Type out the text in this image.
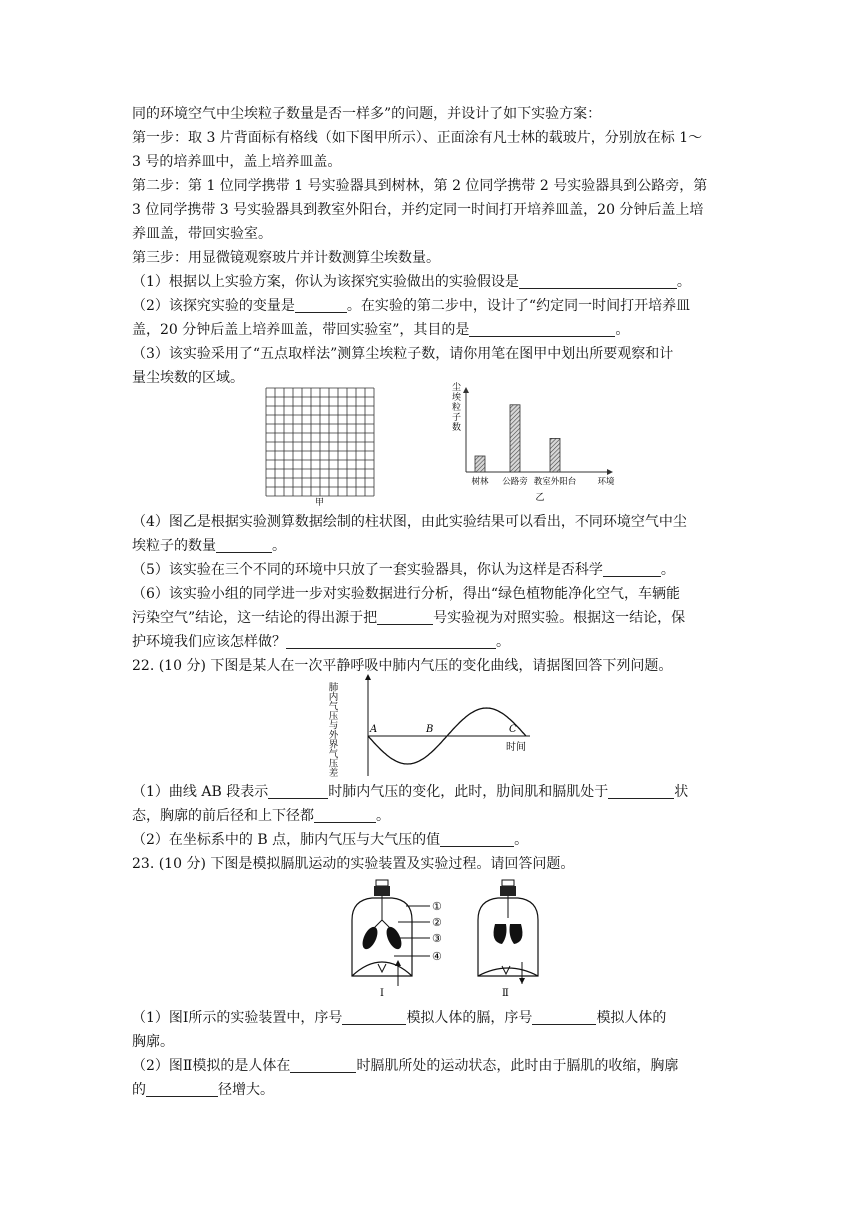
同的环境空气中尘埃粒子数量是否一样多”的问题，并设计了如下实验方案：
第一步：取 3 片背面标有格线（如下图甲所示）、正面涂有凡士林的载玻片，分别放在标 1～
3 号的培养皿中，盖上培养皿盖。
第二步：第 1 位同学携带 1 号实验器具到树林，第 2 位同学携带 2 号实验器具到公路旁，第
3 位同学携带 3 号实验器具到教室外阳台，并约定同一时间打开培养皿盖，20 分钟后盖上培
养皿盖，带回实验室。
第三步：用显微镜观察玻片并计数测算尘埃数量。
（1）根据以上实验方案，你认为该探究实验做出的实验假设是	。
（2）该探究实验的变量是	。在实验的第二步中，设计了“约定同一时间打开培养皿
盖，20 分钟后盖上培养皿盖，带回实验室”，其目的是	。
（3）该实验采用了“五点取样法”测算尘埃粒子数，请你用笔在图甲中划出所要观察和计
量尘埃数的区域。
甲
树林 公路旁 教室外阳台 环境
乙
尘埃粒子数
（4）图乙是根据实验测算数据绘制的柱状图，由此实验结果可以看出，不同环境空气中尘
埃粒子的数量	。
（5）该实验在三个不同的环境中只放了一套实验器具，你认为这样是否科学	。
（6）该实验小组的同学进一步对实验数据进行分析，得出“绿色植物能净化空气，车辆能
污染空气”结论，这一结论的得出源于把	号实验视为对照实验。根据这一结论，保
护环境我们应该怎样做？	。
22. (10 分) 下图是某人在一次平静呼吸中肺内气压的变化曲线，请据图回答下列问题。
肺内气压与外界气压差	A	B	C
时间
（1）曲线 AB 段表示	时肺内气压的变化，此时，肋间肌和膈肌处于	状
态，胸廓的前后径和上下径都	。
（2）在坐标系中的 B 点，肺内气压与大气压的值	。
23. (10 分) 下图是模拟膈肌运动的实验装置及实验过程。请回答问题。
Ⅰ
①
②
③
④
Ⅱ
（1）图Ⅰ所示的实验装置中，序号	模拟人体的膈，序号	模拟人体的
胸廓。
（2）图Ⅱ模拟的是人体在	时膈肌所处的运动状态，此时由于膈肌的收缩，胸廓
的	径增大。
